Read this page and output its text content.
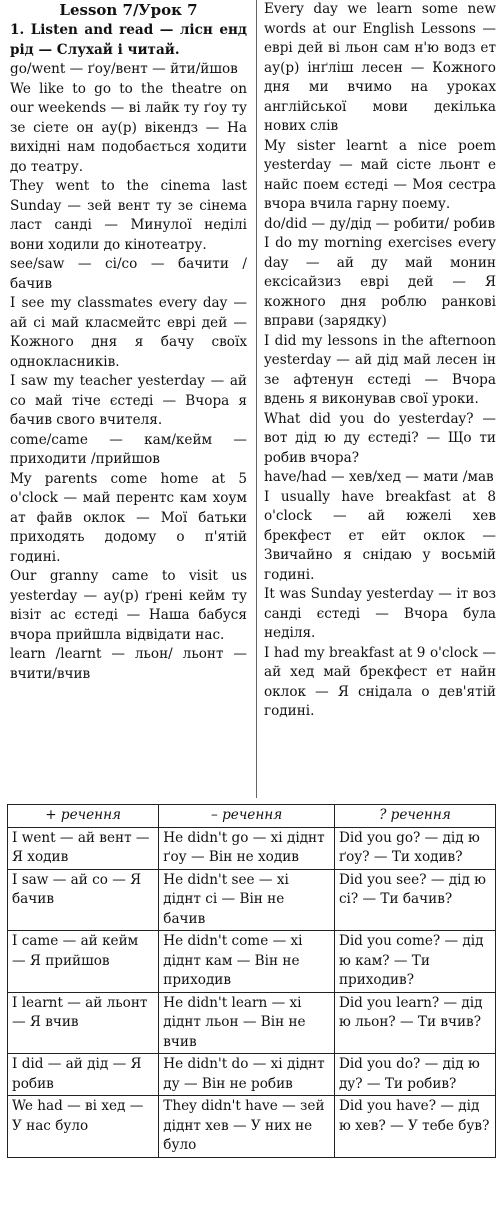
Lesson 7/Урок 7

1. Listen and read — лісн енд рід — Слухай і читай.

go/went — ґоу/вент — йти/йшов

We like to go to the theatre on our weekends — ві лайк ту ґоу ту зе сіете он ау(р) вікендз — На вихідні нам подобається ходити до театру.

They went to the cinema last Sunday — зей вент ту зе сінема ласт санді — Минулої неділі вони ходили до кінотеатру.

see/saw — сі/со — бачити / бачив

I see my classmates every day — ай сі май класмейтс еврі дей — Кожного дня я бачу своїх однокласників.

I saw my teacher yesterday — ай со май тіче єстеді — Вчора я бачив свого вчителя.

come/came — кам/кейм — приходити /прийшов

My parents come home at 5 o'clock — май перентс кам хоум ат файв оклок — Мої батьки приходять додому о п'ятій годині.

Our granny came to visit us yesterday — ау(р) ґрені кейм ту візіт ас єстеді — Наша бабуся вчора прийшла відвідати нас.

learn /learnt — льон/ льонт — вчити/вчив

Every day we learn some new words at our English Lessons — еврі дей ві льон сам н'ю водз ет ау(р) інґліш лесен — Кожного дня ми вчимо на уроках англійської мови декілька нових слів

My sister learnt a nice poem yesterday — май сісте льонт е найс поем єстеді — Моя сестра вчора вчила гарну поему.

do/did — ду/дід — робити/ робив

I do my morning exercises every day — ай ду май монин ексісайзиз еврі дей — Я кожного дня роблю ранкові вправи (зарядку)

I did my lessons in the afternoon yesterday — ай дід май лесен ін зе афтенун єстеді — Вчора вдень я виконував свої уроки.

What did you do yesterday? — вот дід ю ду єстеді? — Що ти робив вчора?

have/had — хев/хед — мати /мав

I usually have breakfast at 8 o'clock — ай южелі хев брекфест ет ейт оклок — Звичайно я снідаю у восьмій годині.

It was Sunday yesterday — іт воз санді єстеді — Вчора була неділя.

I had my breakfast at 9 o'clock — ай хед май брекфест ет найн оклок — Я снідала о дев'ятій годині.

+ речення	– речення	? речення
I went — ай вент — Я ходив	He didn't go — хі діднт ґоу — Він не ходив	Did you go? — дід ю ґоу? — Ти ходив?
I saw — ай со — Я бачив	He didn't see — хі діднт сі — Він не бачив	Did you see? — дід ю сі? — Ти бачив?
I came — ай кейм — Я прийшов	He didn't come — хі діднт кам — Він не приходив	Did you come? — дід ю кам? — Ти приходив?
I learnt — ай льонт — Я вчив	He didn't learn — хі діднт льон — Він не вчив	Did you learn? — дід ю льон? — Ти вчив?
I did — ай дід — Я робив	He didn't do — хі діднт ду — Він не робив	Did you do? — дід ю ду? — Ти робив?
We had — ві хед — У нас було	They didn't have — зей діднт хев — У них не було	Did you have? — дід ю хев? — У тебе був?
